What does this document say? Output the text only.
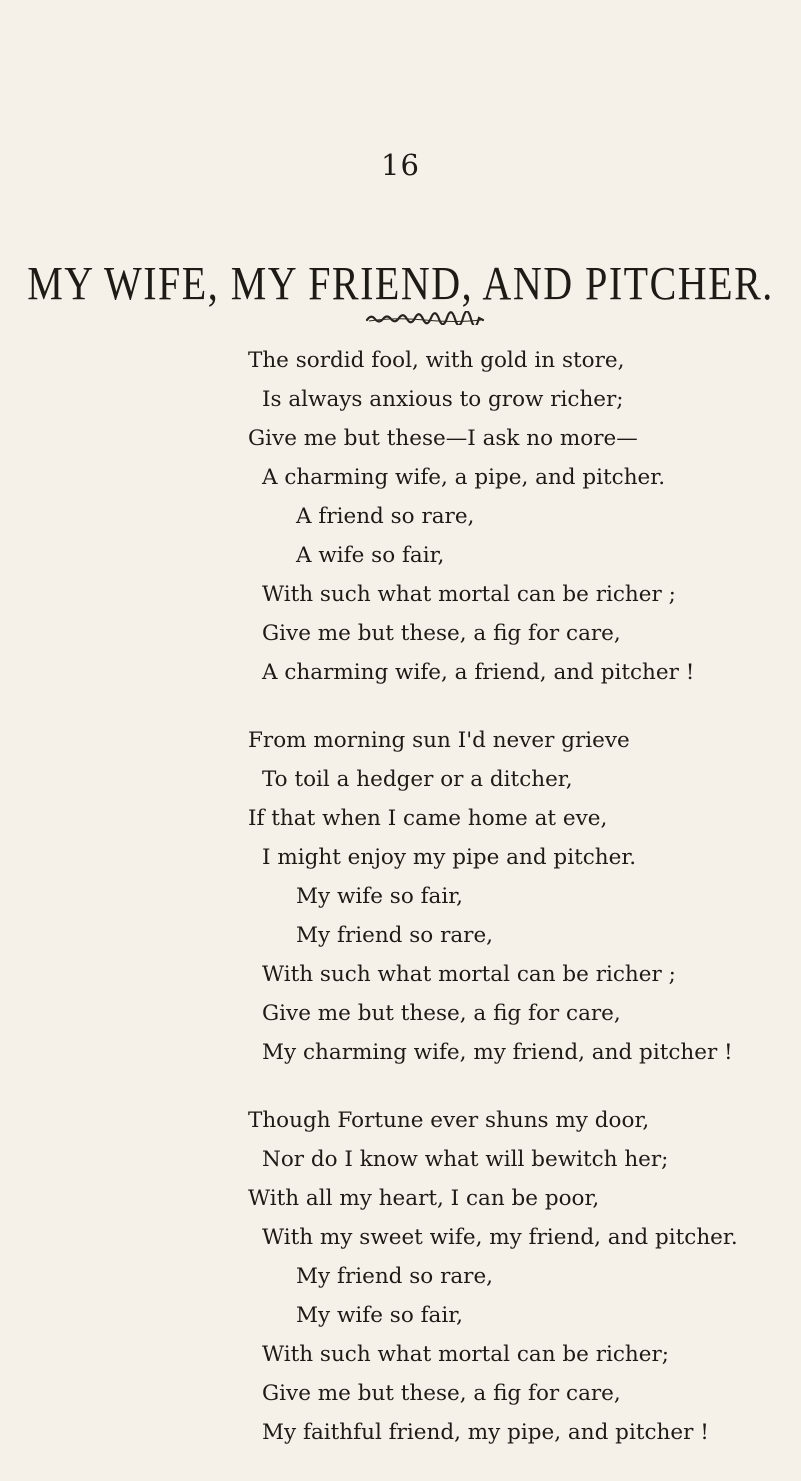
16
MY WIFE, MY FRIEND, AND PITCHER.
The sordid fool, with gold in store,
Is always anxious to grow richer;
Give me but these—I ask no more—
A charming wife, a pipe, and pitcher.
A friend so rare,
A wife so fair,
With such what mortal can be richer ;
Give me but these, a fig for care,
A charming wife, a friend, and pitcher !
From morning sun I'd never grieve
To toil a hedger or a ditcher,
If that when I came home at eve,
I might enjoy my pipe and pitcher.
My wife so fair,
My friend so rare,
With such what mortal can be richer ;
Give me but these, a fig for care,
My charming wife, my friend, and pitcher !
Though Fortune ever shuns my door,
Nor do I know what will bewitch her;
With all my heart, I can be poor,
With my sweet wife, my friend, and pitcher.
My friend so rare,
My wife so fair,
With such what mortal can be richer;
Give me but these, a fig for care,
My faithful friend, my pipe, and pitcher !
